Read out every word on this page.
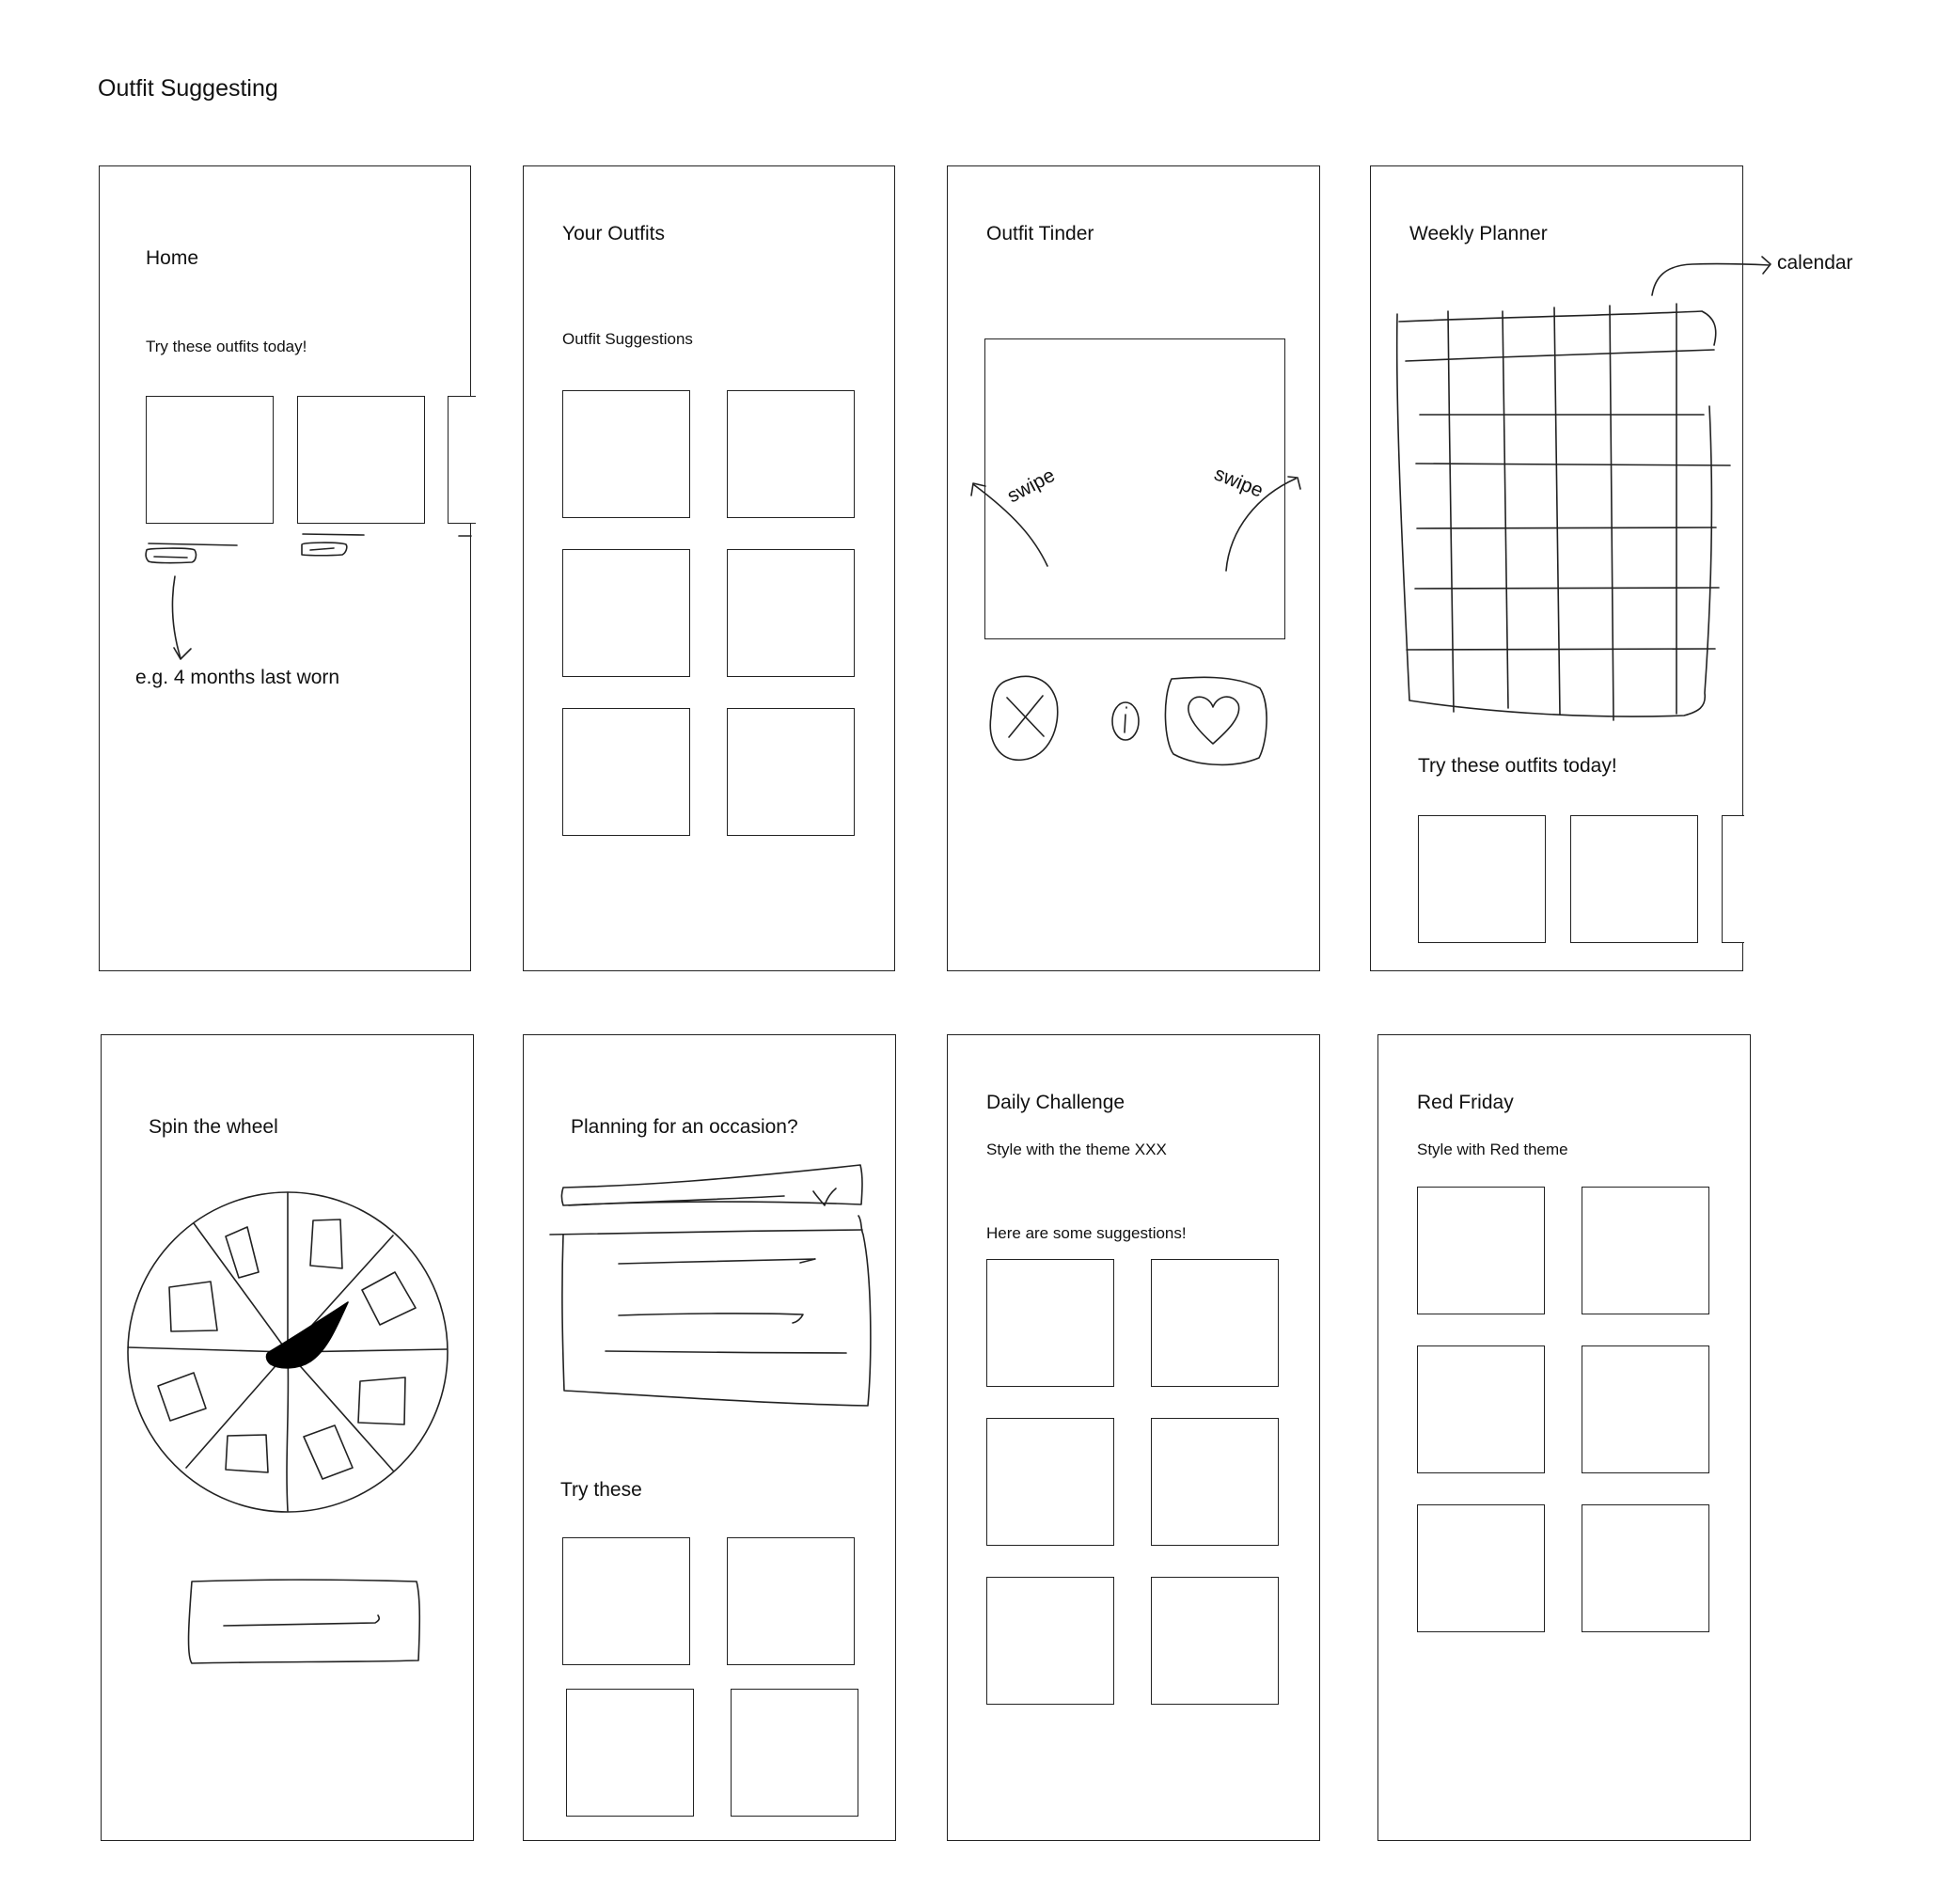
Outfit Suggesting
Home
Try these outfits today!
e.g. 4 months last worn
Your Outfits
Outfit Suggestions
Outfit Tinder
swipe	swipe
Weekly Planner
Try these outfits today!
calendar
Spin the wheel	Planning for an occasion?
Try these
Daily Challenge
Style with the theme XXX
Here are some suggestions!
Red Friday
Style with Red theme
